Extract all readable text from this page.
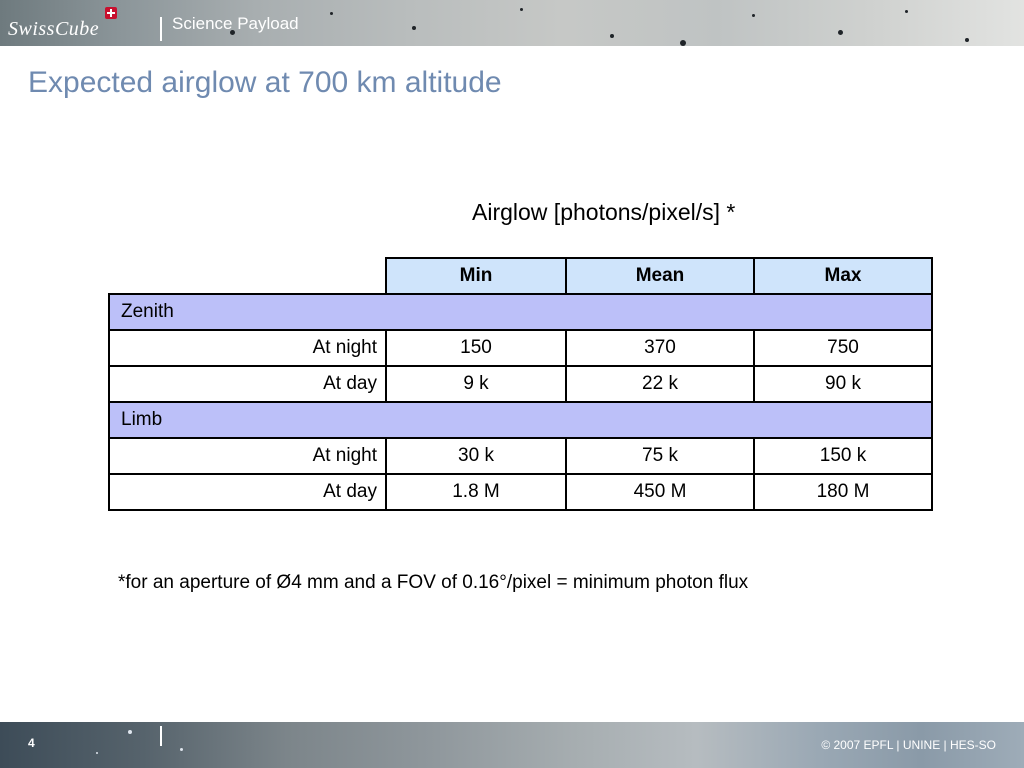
SwissCube	Science Payload
Expected airglow at 700 km altitude
Airglow [photons/pixel/s] *
	Min	Mean	Max
Zenith			
At night	150	370	750
At day	9 k	22 k	90 k
Limb			
At night	30 k	75 k	150 k
At day	1.8 M	450 M	180 M
*for an aperture of Ø4 mm and a FOV of 0.16°/pixel = minimum photon flux
4	© 2007 EPFL | UNINE | HES-SO
